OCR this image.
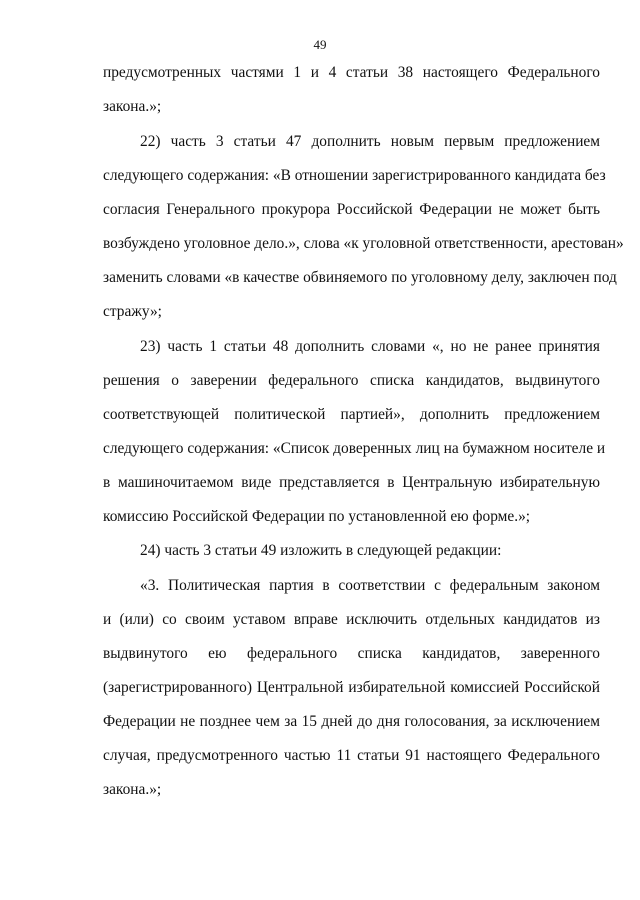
49
предусмотренных частями 1 и 4 статьи 38 настоящего Федерального
закона.»;
22) часть 3 статьи 47 дополнить новым первым предложением
следующего содержания: «В отношении зарегистрированного кандидата без
согласия Генерального прокурора Российской Федерации не может быть
возбуждено уголовное дело.», слова «к уголовной ответственности, арестован»
заменить словами «в качестве обвиняемого по уголовному делу, заключен под
стражу»;
23) часть 1 статьи 48 дополнить словами «, но не ранее принятия
решения о заверении федерального списка кандидатов, выдвинутого
соответствующей политической партией», дополнить предложением
следующего содержания: «Список доверенных лиц на бумажном носителе и
в машиночитаемом виде представляется в Центральную избирательную
комиссию Российской Федерации по установленной ею форме.»;
24) часть 3 статьи 49 изложить в следующей редакции:
«3. Политическая партия в соответствии с федеральным законом
и (или) со своим уставом вправе исключить отдельных кандидатов из
выдвинутого ею федерального списка кандидатов, заверенного
(зарегистрированного) Центральной избирательной комиссией Российской
Федерации не позднее чем за 15 дней до дня голосования, за исключением
случая, предусмотренного частью 11 статьи 91 настоящего Федерального
закона.»;
